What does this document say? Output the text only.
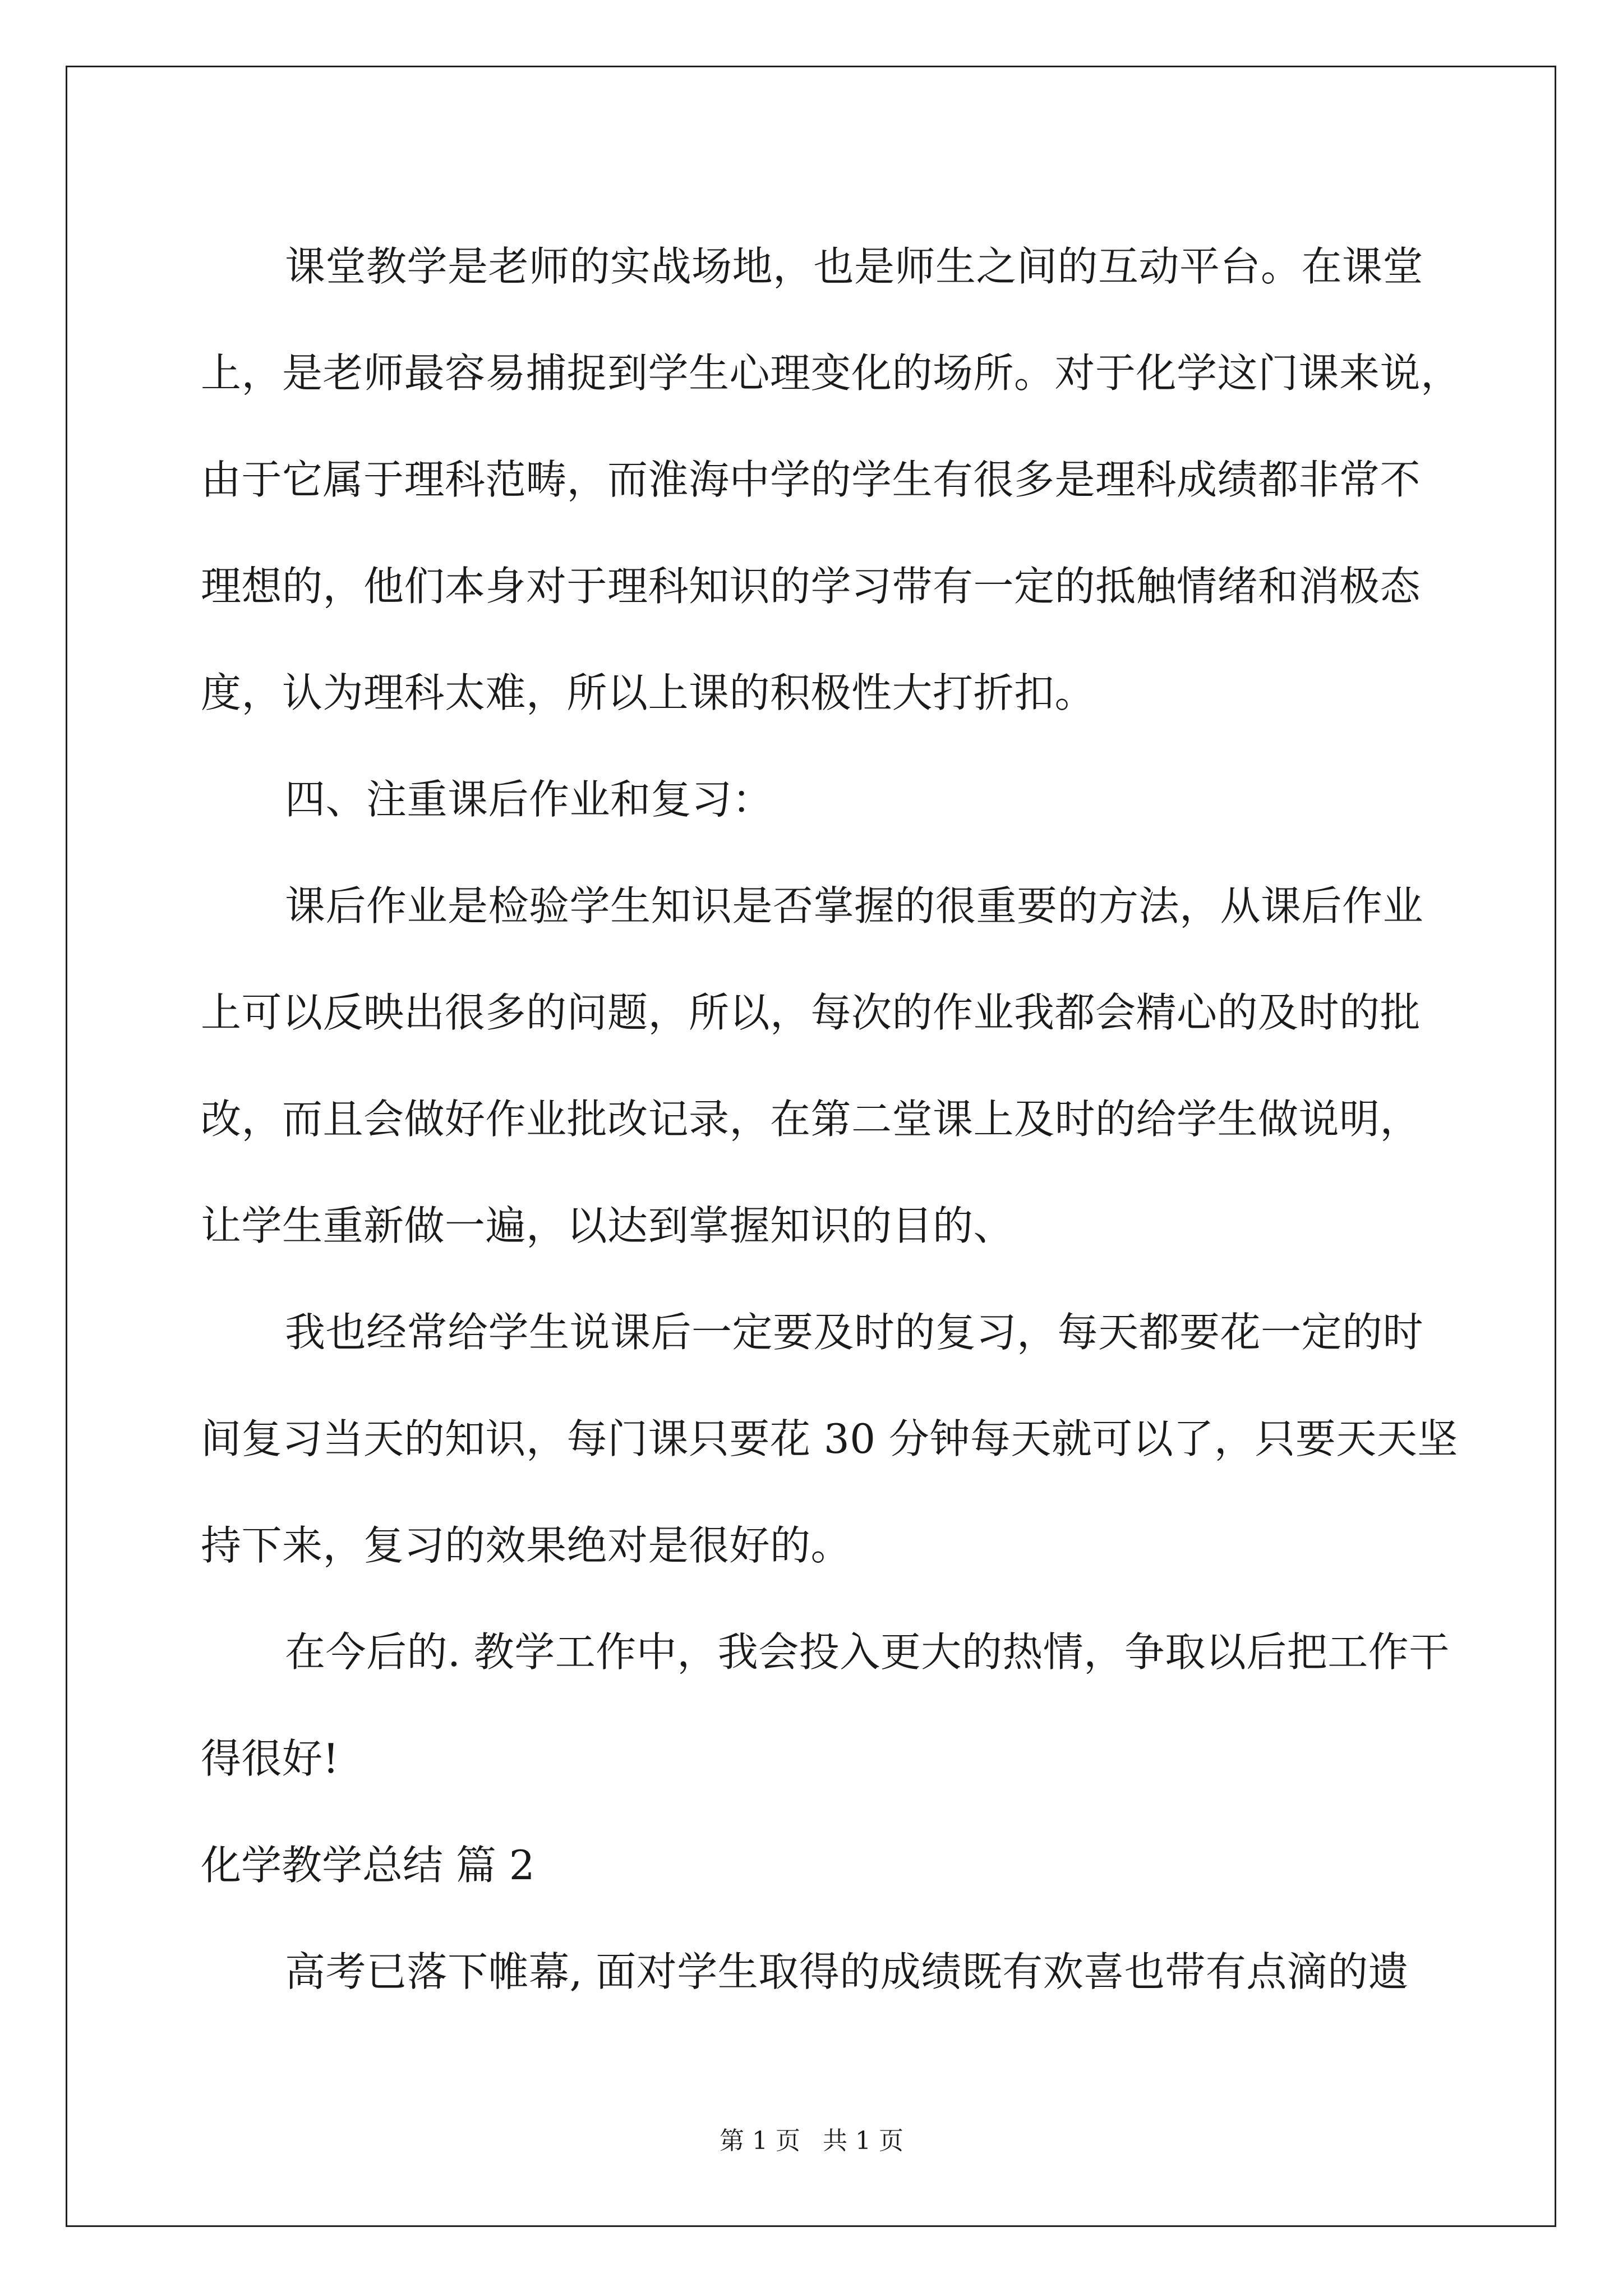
课堂教学是老师的实战场地，也是师生之间的互动平台。在课堂
上，是老师最容易捕捉到学生心理变化的场所。对于化学这门课来说，
由于它属于理科范畴，而淮海中学的学生有很多是理科成绩都非常不
理想的，他们本身对于理科知识的学习带有一定的抵触情绪和消极态
度，认为理科太难，所以上课的积极性大打折扣。
四、注重课后作业和复习：
课后作业是检验学生知识是否掌握的很重要的方法，从课后作业
上可以反映出很多的问题，所以，每次的作业我都会精心的及时的批
改，而且会做好作业批改记录，在第二堂课上及时的给学生做说明，
让学生重新做一遍，以达到掌握知识的目的、
我也经常给学生说课后一定要及时的复习，每天都要花一定的时
间复习当天的知识，每门课只要花 30 分钟每天就可以了，只要天天坚
持下来，复习的效果绝对是很好的。
在今后的. 教学工作中，我会投入更大的热情，争取以后把工作干
得很好!
化学教学总结 篇 2
高考已落下帷幕, 面对学生取得的成绩既有欢喜也带有点滴的遗
第 1 页 共 1 页
